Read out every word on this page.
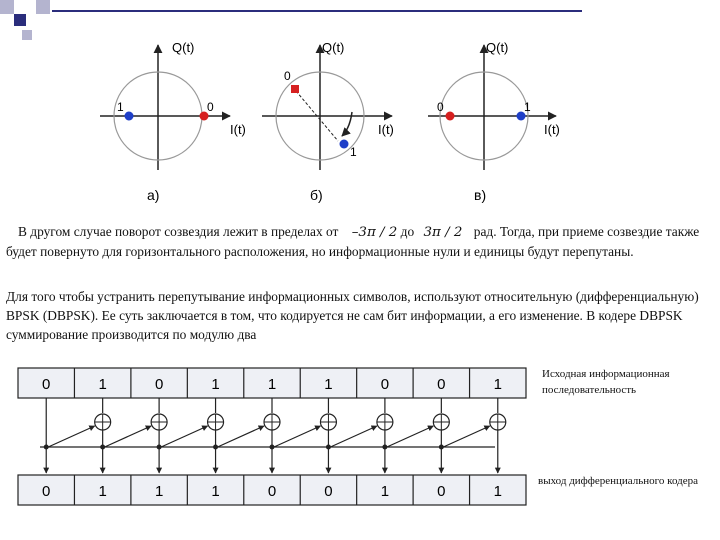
Q(t)
I(t)
1	0
а)
Q(t)
I(t)
0
1
б)
Q(t)
I(t)
0	1
в)
В другом случае поворот созвездия лежит в пределах от –3π / 2 до 3π / 2 рад. Тогда, при приеме созвездие также будет повернуто для горизонтального расположения, но информационные нули и единицы будут перепутаны.
Для того чтобы устранить перепутывание информационных символов, используют относительную (дифференциальную) BPSK (DBPSK). Ее суть заключается в том, что кодируется не сам бит информации, а его изменение. В кодере DBPSK суммирование производится по модулю два
0
0
1
1
0
1
1
1
1
0
1
0
0
1
0
0
1
1
Исходная информационная последовательность
выход дифференциального кодера
